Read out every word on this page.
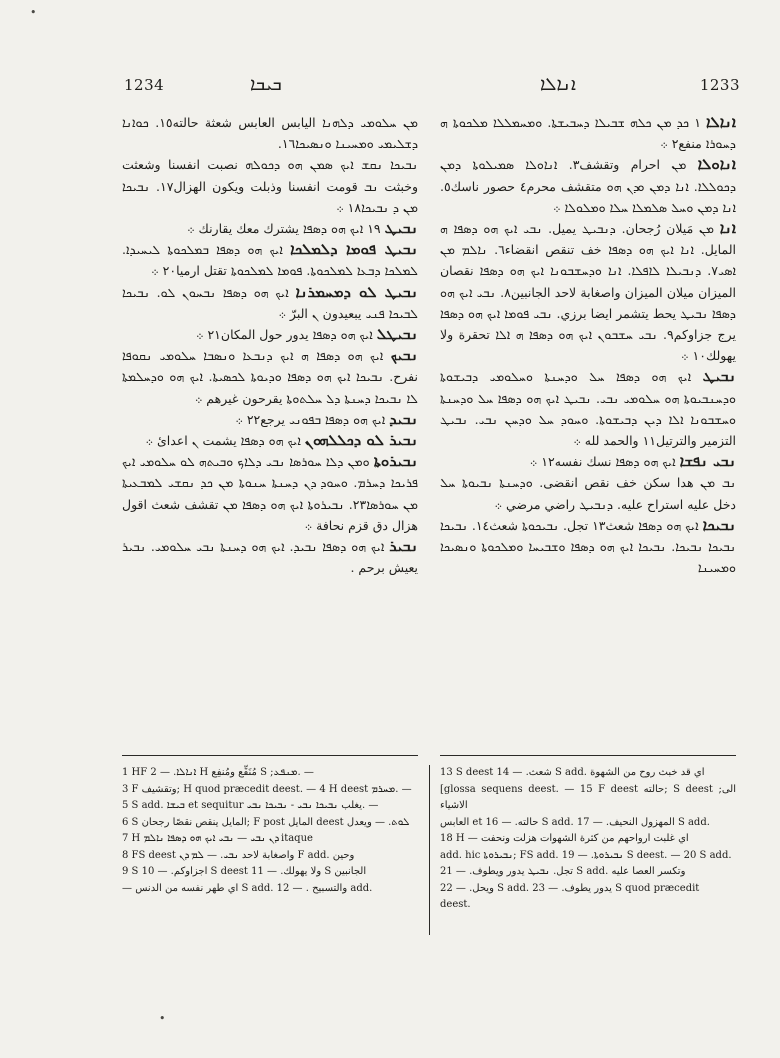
•
1234	ܒܝܒܐ	ܐܢܐܠܐ	1233

ܡܢ ܚܠܘܡܝ ܕܠܗܢܐ اليابس العابس شعثة حالته١٥. ܟܘܐܢܐ ܕܫܠܝܡܝ ܘܡܚܝܢܐ ܘܢܣܝܟܐ١٦.

ܢܒܝܟܐ ܢܩܫ ܐܝܟ ܣܡܢ ܗܘ ܕܟܘܠܗ نصبت انفسنا وشعثت وخبثت ܢܒ قومت انفسنا وذبلت ويكون الهزال١٧. ܢܒܝܟܐ ܡܢ ܕ ܢܒܝܟܐ١٨ ܀

ܢܒܝܛ ١٩ ܐܝܟ ܗܘ ܕܣܦܐ يشترك معك يقارنك ܀

ܢܒܝܛ ܦܘܡܐ ܕܠܡܠܟܐ ܐܝܟ ܗܘ ܕܣܦܐ ܒܡܠܟܘܬܐ ܠܝܚܝܕܐ. ܠܡܠܟܐ ܕܒܥܐ ܠܡܠܟܘܬܐ. ܦܘܡܐ ܠܡܠܟܘܬܐ تقتل ارميا٢٠ ܀

ܢܒܝܛ ܠܘ ܕܡܚܡܪܢܐ ܐܝܟ ܗܘ ܕܣܦܐ ܢܒܚܘܢ ܠܘ. ܢܒܝܟܐ ܠܒܝܟܐ ܦܢܝ يبعيدون ܢ البرّ ܀

ܢܒܝܛܠ ܐܝܟ ܗܘ ܕܣܦܐ يدور حول المكان٢١ ܀

ܢܒܝܟ ܐܝܟ ܗܘ ܕܣܦܐ ܗ ܐܝܟ ܕܢܒܥܐ ܘܢܣܒܐ ܚܠܘܡܝ ܢܩܘܦܐ نفرح. ܢܒܝܟܐ ܐܝܟ ܗܘ ܕܣܦܐ ܘܕܝܘܬܐ ܠܟܣܝܬܐ. ܐܝܟ ܗܘ ܘܕܚܠܡܬܐ ܠܐ ܢܒܝܟܐ ܕܚܢܬܐ ܕܠ ܚܠܬܘܬܐ يقرحون غيرهم ܀

ܢܒܝܕ ܐܝܟ ܗܘ ܕܣܦܐ ܒܦܘܢܝ يرجع٢٢ ܀

ܢܒܝܪ ܠܘ ܕܟܠܠܗܘܢ ܐܝܟ ܗܘ ܕܣܦܐ يشمت ܢ اعدائ ܀

ܢܒܝܪܘܬܐ ܘܡܢ ܕܠܐ ܚܘܪܣܐ ܢܒܝ ܕܠܐܟ ܘܒܝܬܗ ܠܘ ܚܠܘܡܝ ܐܝܟ ܦܪܝܟܐ ܕܚܪܡ. ܘܚܘܕ ܕܢ ܕܚܢܬܐ ܚܢܘܬܐ ܡܢ ܟܕ ܢܩܫܝ ܠܡܒܥܝܬܐ ܡܢ ܚܘܪܣܐ٢٣. ܢܒܝܪܘܬܐ ܐܝܟ ܗܘ ܕܣܦܐ ܡܢ تقشف شعث اقول هزال دق قزم نحافة ܀

ܢܒܝܪ ܐܝܟ ܗܘ ܕܣܦܐ ܢܒܝܕ. ܐܝܟ ܗܘ ܕܚܢܬܐ ܢܒܝ ܚܠܘܡܝ. ܢܒܝܪ يعيش برحم .

ܐܢܐܠܐ ١ ܟܕ ܡܢ ܟܠܗ ܫܒܝܠܐ ܕܚܒܝܫܬܐ. ܘܡܚܡܠܠܐ ܡܠܟܘܬܐ ܗ ܕܚܘܪܐ منفع٢ ܀

ܐܢܐܘܠܐ ܡܢ احرام وتقشف٣. ܐܢܐܘܠܐ ܣܡܝܠܘܬܐ ܕܡܢ ܕܟܘܠܠܐ. ܐܢܐ ܕܡܢ ܘܕܢ ܗܘ متقشف محرم٤ حصور ناسك٥. ܐܢܐ ܕܡܢ ܘܚܠ ܣܠܡܠܐ ܚܠܐ ܘܡܠܘܠܐ ܀

ܐܢܐ ܡܢ مَيلان رُجحان. ܕܢܒܝܛ يميل. ܢܒܝ ܐܝܟ ܗܘ ܕܣܦܐ ܗ المايل. ܐܢܐ ܐܝܟ ܗܘ ܕܣܦܐ خف تنقص انقضاء٦. ܢܐܠܡ ܡܢ ܐܣܝ٧. ܕܢܒܝܠܐ ܠܐܦܠܐ. ܐܢܐ ܘܕܚܫܒܘܢܐ ܐܝܟ ܗܘ ܕܣܦܐ نقصان الميزان ميلان الميزان واصغابة لاحد الجانبين٨. ܢܒܝ ܐܝܟ ܗܘ ܕܣܦܐ ܢܒܝܛ يحط يتشمر ايضا برزي. ܢܒܝ ܦܘܡܐ ܐܝܟ ܗܘ ܕܣܦܐ يرج جزاوكم٩. ܢܒܝ ܚܫܒܘܢ ܐܝܟ ܗܘ ܕܣܦܐ ܗ ܐܠܐ تحقرة ولا يهولك١٠ ܀

ܢܒܝܛ ܐܝܟ ܗܘ ܕܣܦܐ ܚܠ ܘܕܚܢܬܐ ܘܚܠܘܡܝ ܕܒܝܫܘܬܐ ܘܕܚܢܒܝܘܬܐ ܗܘ ܚܠܘܡܝ ܢܒܝ. ܢܒܝܛ ܐܝܟ ܗܘ ܕܣܦܐ ܚܠ ܘܕܚܢܬܐ ܘܚܫܒܘܢܐ ܐܠܐ ܕܝܢ ܕܒܝܫܘܬܐ. ܘܚܘܕ ܚܠ ܘܕܚܢ ܢܒܝ. ܢܒܝܛ التزمير والترتيل١١ والحمد لله ܀

ܢܒܝ ܢܦܫܐ ܐܝܟ ܗܘ ܕܣܦܐ نسك نفسه١٢ ܀

ܢܒ ܡܢ هدا سكن خف نقص انقضى. ܘܕܚܢܬܐ ܢܒܝܘܬܐ ܚܠ دخل عليه استراح عليه. ܕܢܒܝܛ راضي مرضي ܀

ܢܒܝܟܐ ܐܝܟ ܗܘ ܕܣܦܐ شعث١٣ تجل. ܢܒܝܟܘܬܐ شعث١٤. ܢܒܝܟܐ ܢܒܝܟܐ ܢܒܝܟܐ. ܢܒܝܟܐ ܐܝܟ ܗܘ ܕܣܦܐ ܘܫܒܝܚܐ ܘܡܠܟܘܬܐ ܘܢܣܝܟܐ ܘܡܚܝܢܐ

1 HF ܐܢܐܠܐ. — 2 H مُنَفِّع ومُنفِع S ;ܡܢܦܥ. —

3 F وتقشيف; H quod præcedit deest. — 4 H deest ܡܚܪܡ. —

5 S add. ܒܝܫܐ et sequitur يغلب ܢܒܝܟܐ ܢܒܝ - ܢܒܝܟܐ ܢܒܝ. —

6 S المايل ينقص نقصًا رجحان; F post المايل deest ܠܘܬ. — ويعدل

7 H ܕܢ ܢܒܝ — ܢܒܝ ܐܝܟ ܗܘ ܕܣܦܐ ܢܐܠܡ itaque

8 FS deest واصغابة لاحد ܢܒܝ. — ܠܡ ܕܢ F add. وحين

9 S اجزاوكم. — 10 S deest ولا يهولك. — 11 S الجانبين

— اي طهر نفسه من الدنس S add. 12 — . والتسبيح add.

13 S deest شعث. — 14 S add. اي قد خبث روح من الشهوة

[glossa sequens deest. — 15 F deest حالته; S deest ;الى الاشياء

العابس et حالته. — 16 S add. المهزول النحيف. — 17 S add.

18 H — اي غلبت ارواحهم من كثرة الشهوات هزلت ونحفت

add. hic ܢܒܝܪܘܬܐ; FS add. ܢܒܝܪܘܬܐ. — 19 S deest. — 20 S add.

تجل. ܢܒܝܛ يدور ويطوف. — 21 S add. وتكسر العصا عليه

ويحل. — 22 S add. يدور يطوف. — 23 S quod præcedit

deest.

•
